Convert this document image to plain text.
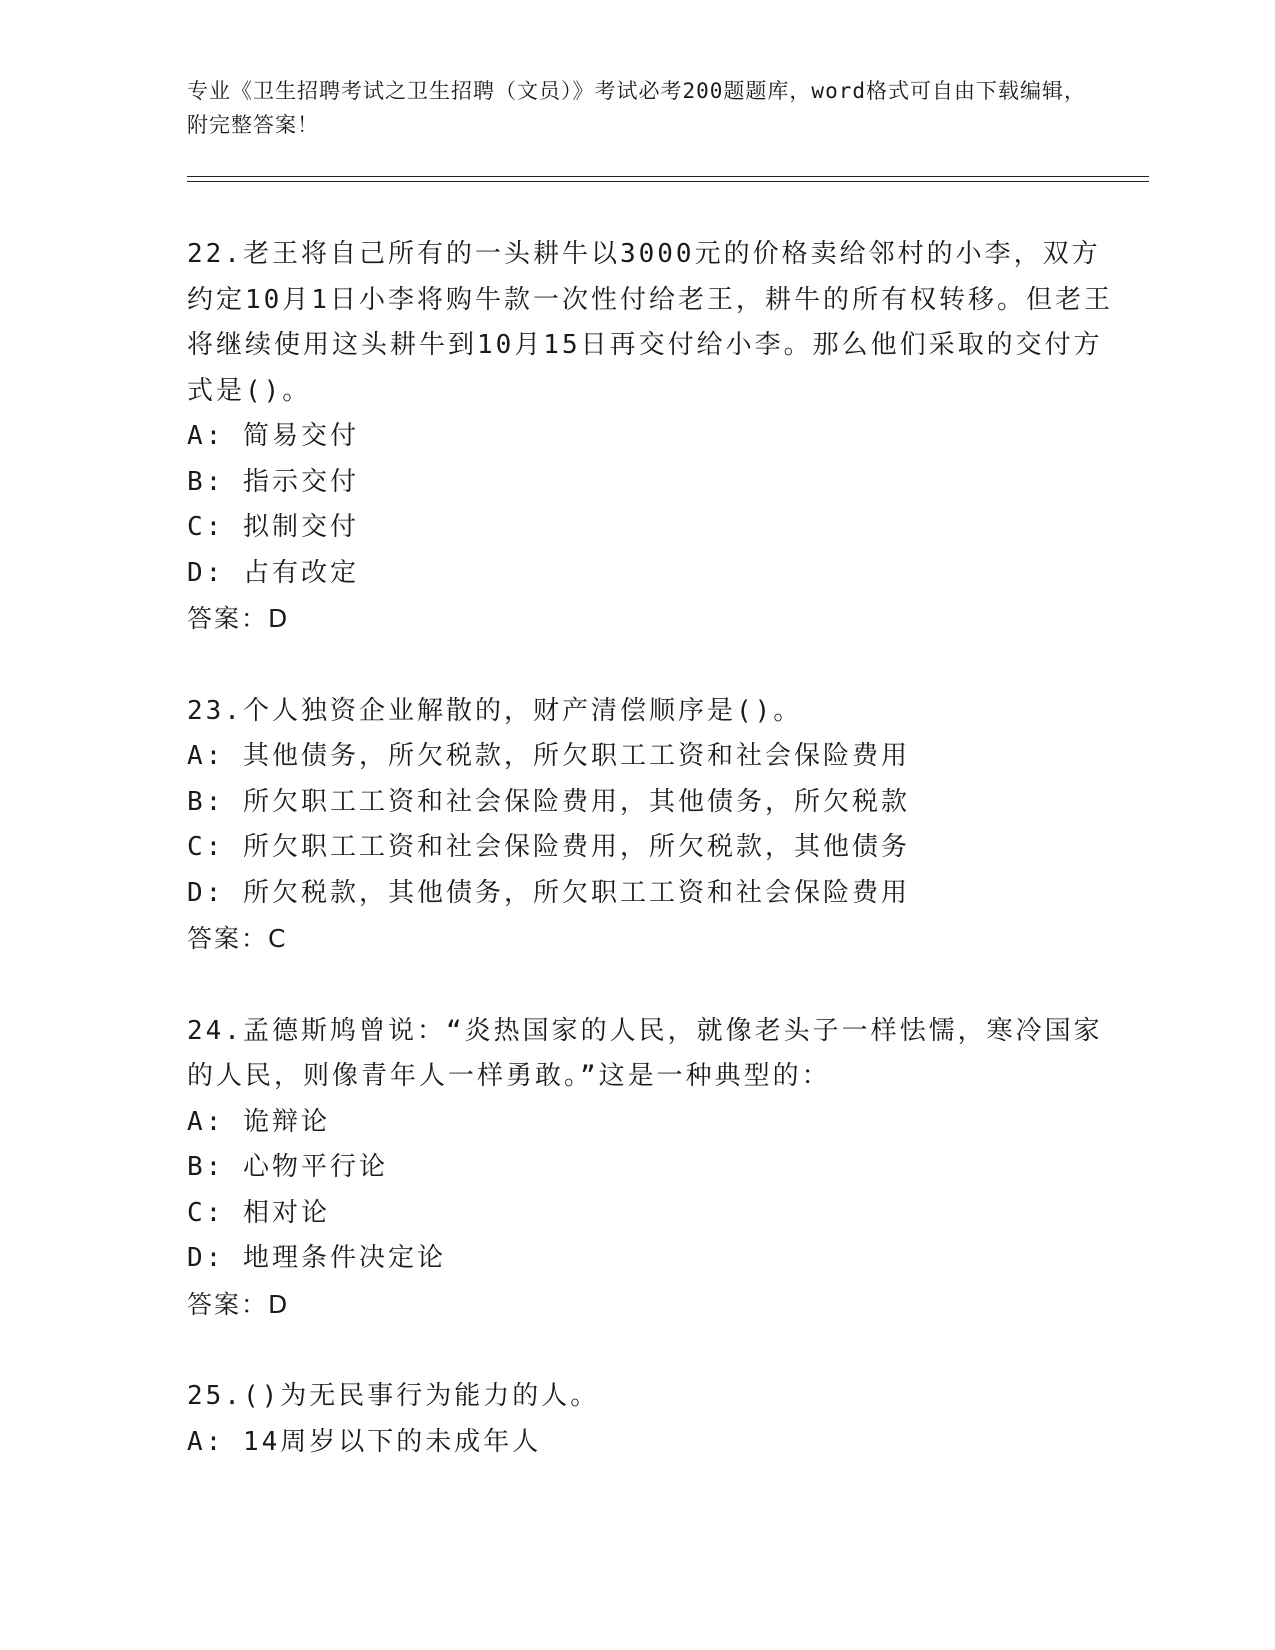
专业《卫生招聘考试之卫生招聘（文员）》考试必考200题题库，word格式可自由下载编辑，附完整答案！
22.老王将自己所有的一头耕牛以3000元的价格卖给邻村的小李，双方约定10月1日小李将购牛款一次性付给老王，耕牛的所有权转移。但老王将继续使用这头耕牛到10月15日再交付给小李。那么他们采取的交付方式是()。
A: 简易交付
B: 指示交付
C: 拟制交付
D: 占有改定
答案：D
23.个人独资企业解散的，财产清偿顺序是()。
A: 其他债务，所欠税款，所欠职工工资和社会保险费用
B: 所欠职工工资和社会保险费用，其他债务，所欠税款
C: 所欠职工工资和社会保险费用，所欠税款，其他债务
D: 所欠税款，其他债务，所欠职工工资和社会保险费用
答案：C
24.孟德斯鸠曾说：“炎热国家的人民，就像老头子一样怯懦，寒冷国家的人民，则像青年人一样勇敢。”这是一种典型的：
A: 诡辩论
B: 心物平行论
C: 相对论
D: 地理条件决定论
答案：D
25.()为无民事行为能力的人。
A: 14周岁以下的未成年人
